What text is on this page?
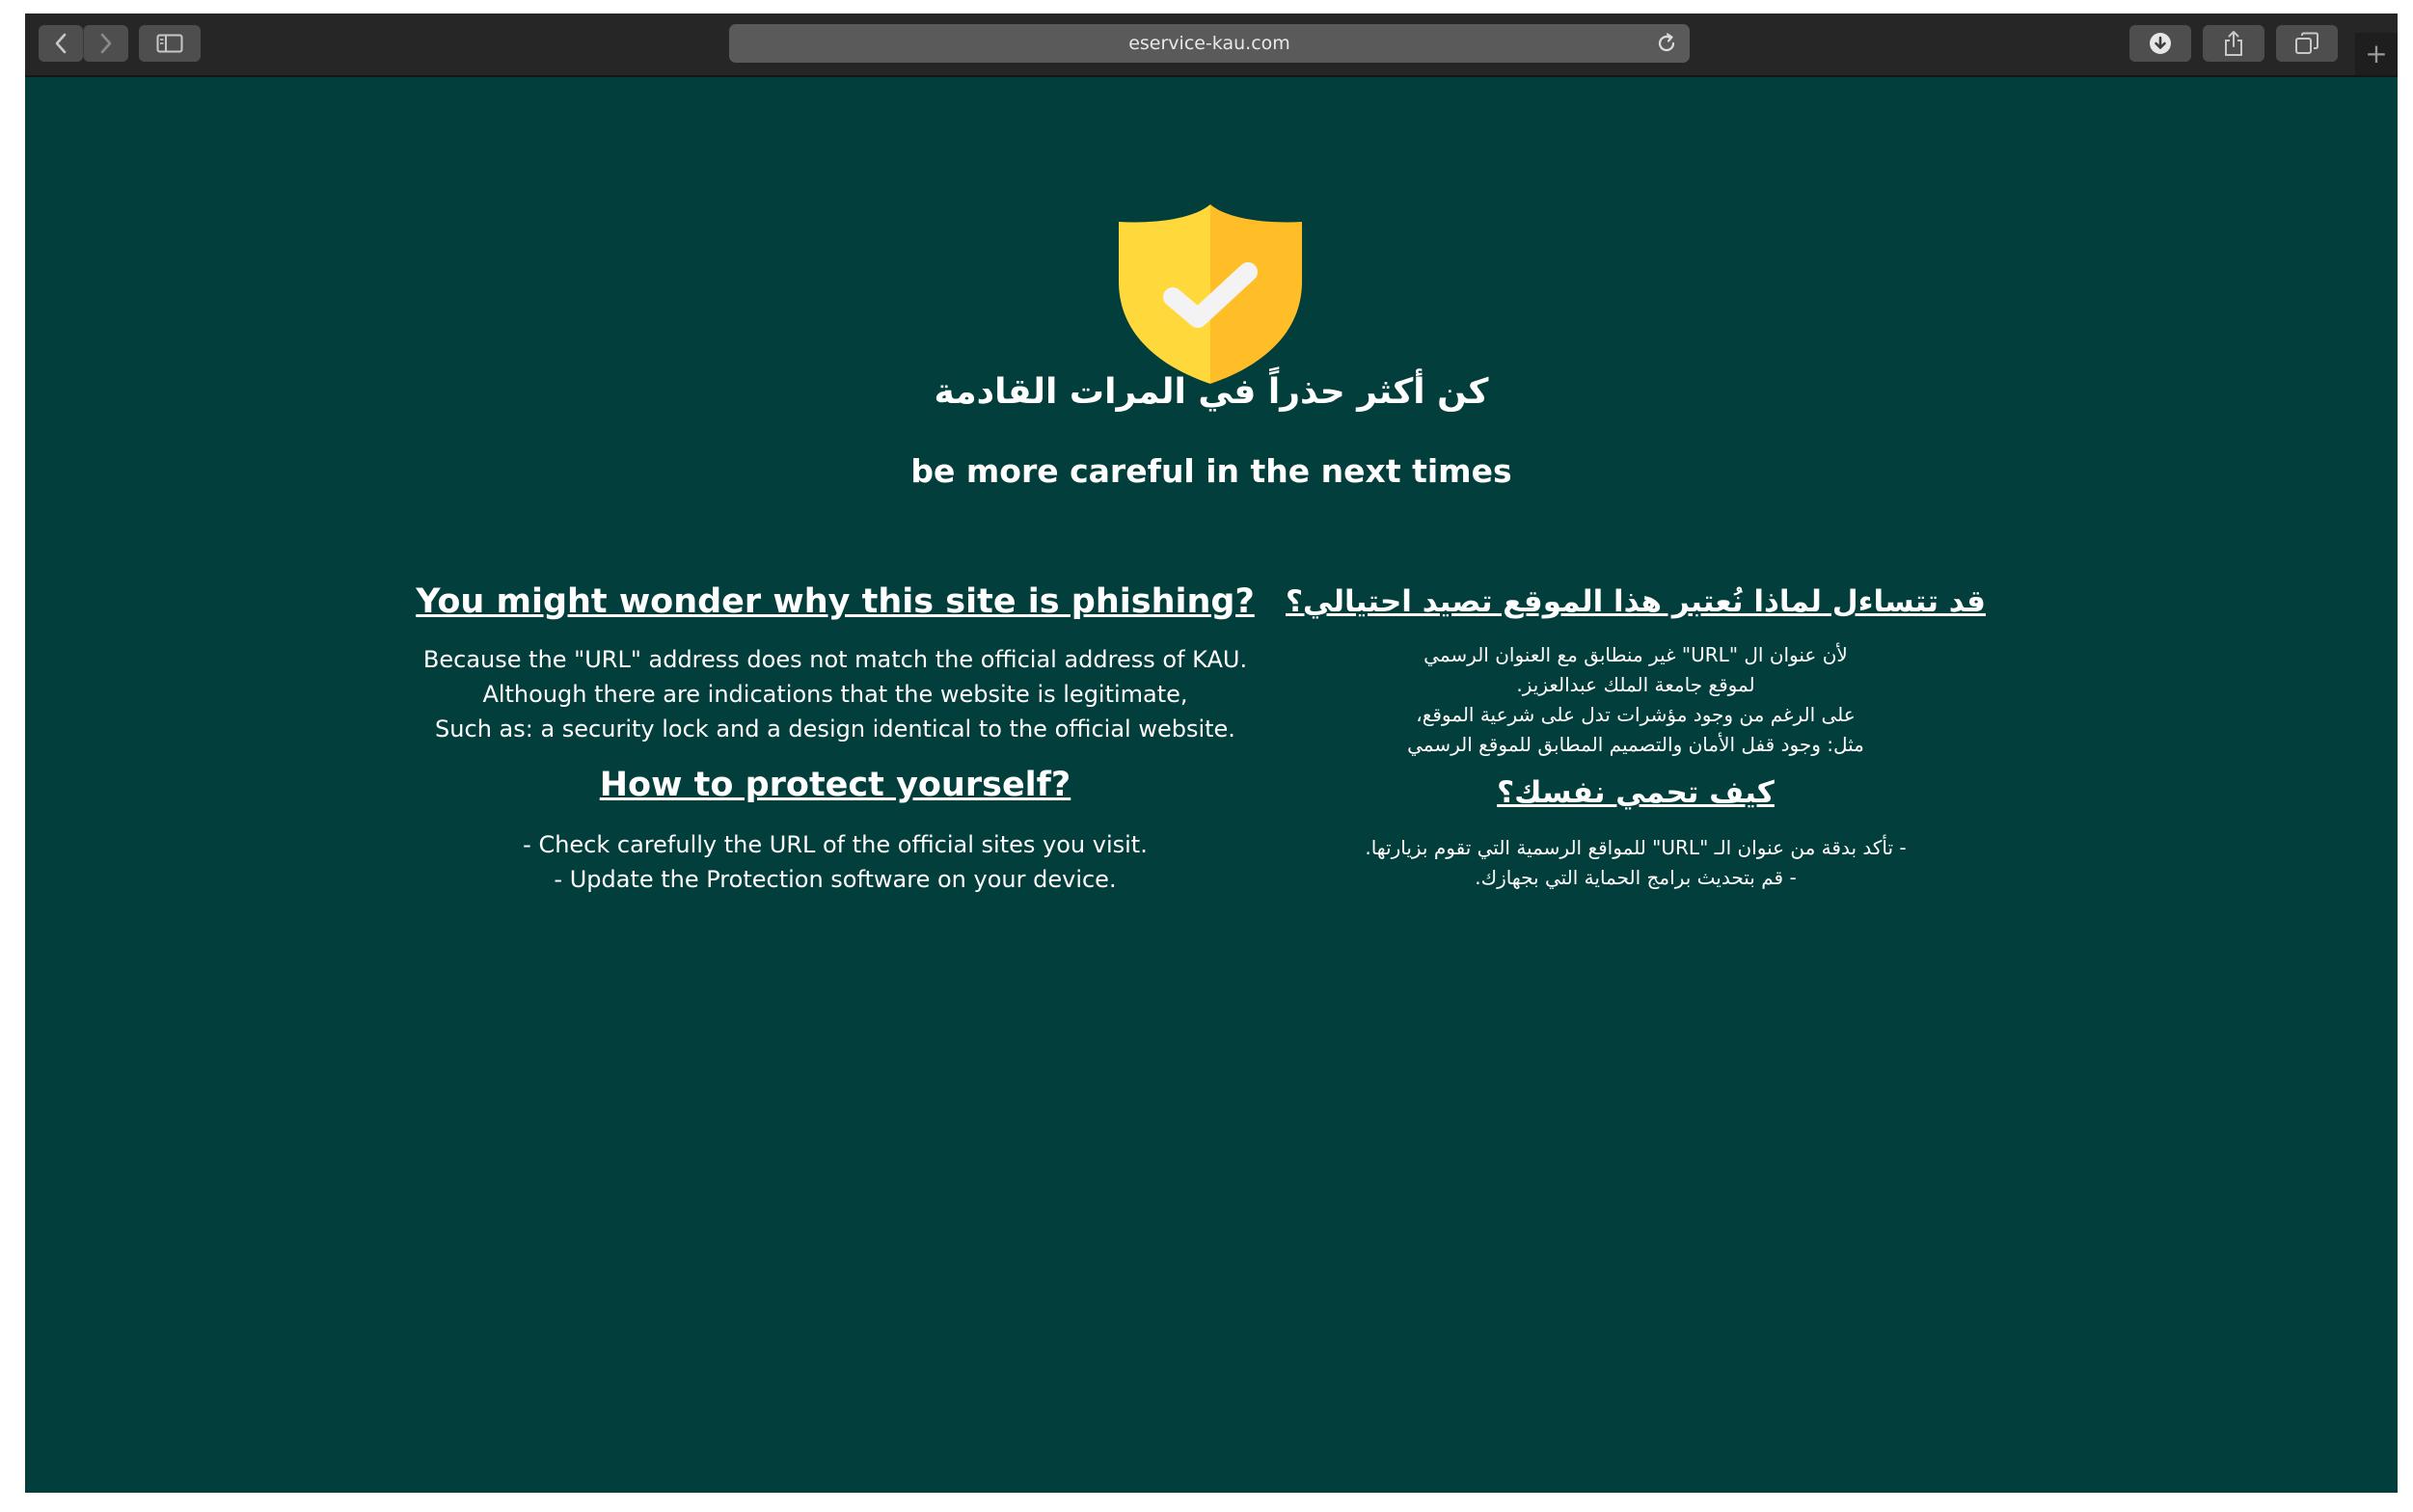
eservice-kau.com	+
كن أكثر حذراً في المرات القادمة
be more careful in the next times

You might wonder why this site is phishing?

Because the "URL" address does not match the official address of KAU.
Although there are indications that the website is legitimate,
Such as: a security lock and a design identical to the official website.

How to protect yourself?

- Check carefully the URL of the official sites you visit.
- Update the Protection software on your device.

قد تتساءل لماذا نُعتبر هذا الموقع تصيد احتيالي؟

لأن عنوان ال "URL" غير منطابق مع العنوان الرسمي
لموقع جامعة الملك عبدالعزيز.
على الرغم من وجود مؤشرات تدل على شرعية الموقع،
مثل: وجود قفل الأمان والتصميم المطابق للموقع الرسمي

كيف تحمي نفسك؟

- تأكد بدقة من عنوان الـ "URL" للمواقع الرسمية التي تقوم بزيارتها.
- قم بتحديث برامج الحماية التي بجهازك.
